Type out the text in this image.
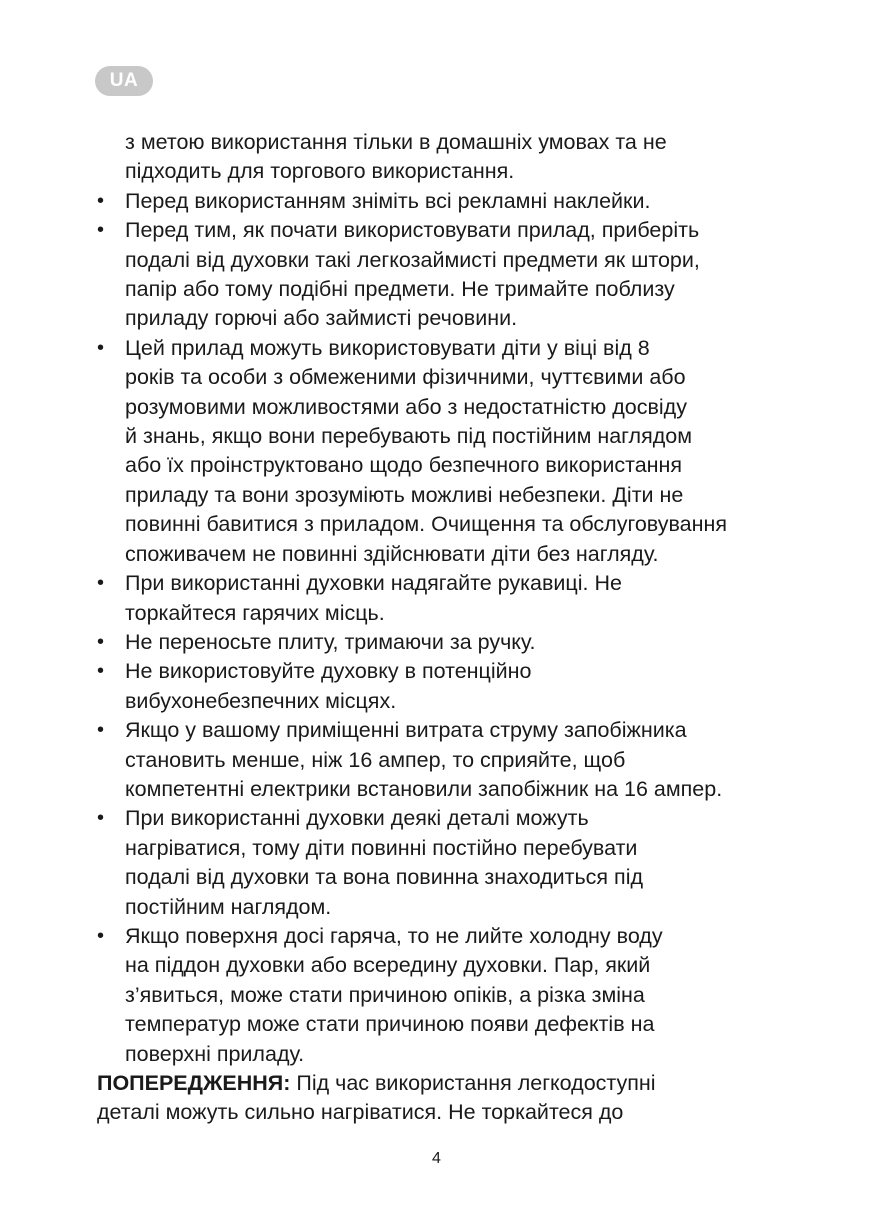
UA
з метою використання тільки в домашніх умовах та не
підходить для торгового використання.
• Перед використанням зніміть всі рекламні наклейки.
• Перед тим, як почати використовувати прилад, приберіть
подалі від духовки такі легкозаймисті предмети як штори,
папір або тому подібні предмети. Не тримайте поблизу
приладу горючі або займисті речовини.
• Цей прилад можуть використовувати діти у віці від 8
років та особи з обмеженими фізичними, чуттєвими або
розумовими можливостями або з недостатністю досвіду
й знань, якщо вони перебувають під постійним наглядом
або їх проінструктовано щодо безпечного використання
приладу та вони зрозуміють можливі небезпеки. Діти не
повинні бавитися з приладом. Очищення та обслуговування
споживачем не повинні здійснювати діти без нагляду.
• При використанні духовки надягайте рукавиці. Не
торкайтеся гарячих місць.
• Не переносьте плиту, тримаючи за ручку.
• Не використовуйте духовку в потенційно
вибухонебезпечних місцях.
• Якщо у вашому приміщенні витрата струму запобіжника
становить менше, ніж 16 ампер, то сприяйте, щоб
компетентні електрики встановили запобіжник на 16 ампер.
• При використанні духовки деякі деталі можуть
нагріватися, тому діти повинні постійно перебувати
подалі від духовки та вона повинна знаходиться під
постійним наглядом.
• Якщо поверхня досі гаряча, то не лийте холодну воду
на піддон духовки або всередину духовки. Пар, який
з’явиться, може стати причиною опіків, а різка зміна
температур може стати причиною появи дефектів на
поверхні приладу.
ПОПЕРЕДЖЕННЯ: Під час використання легкодоступні
деталі можуть сильно нагріватися. Не торкайтеся до
4
